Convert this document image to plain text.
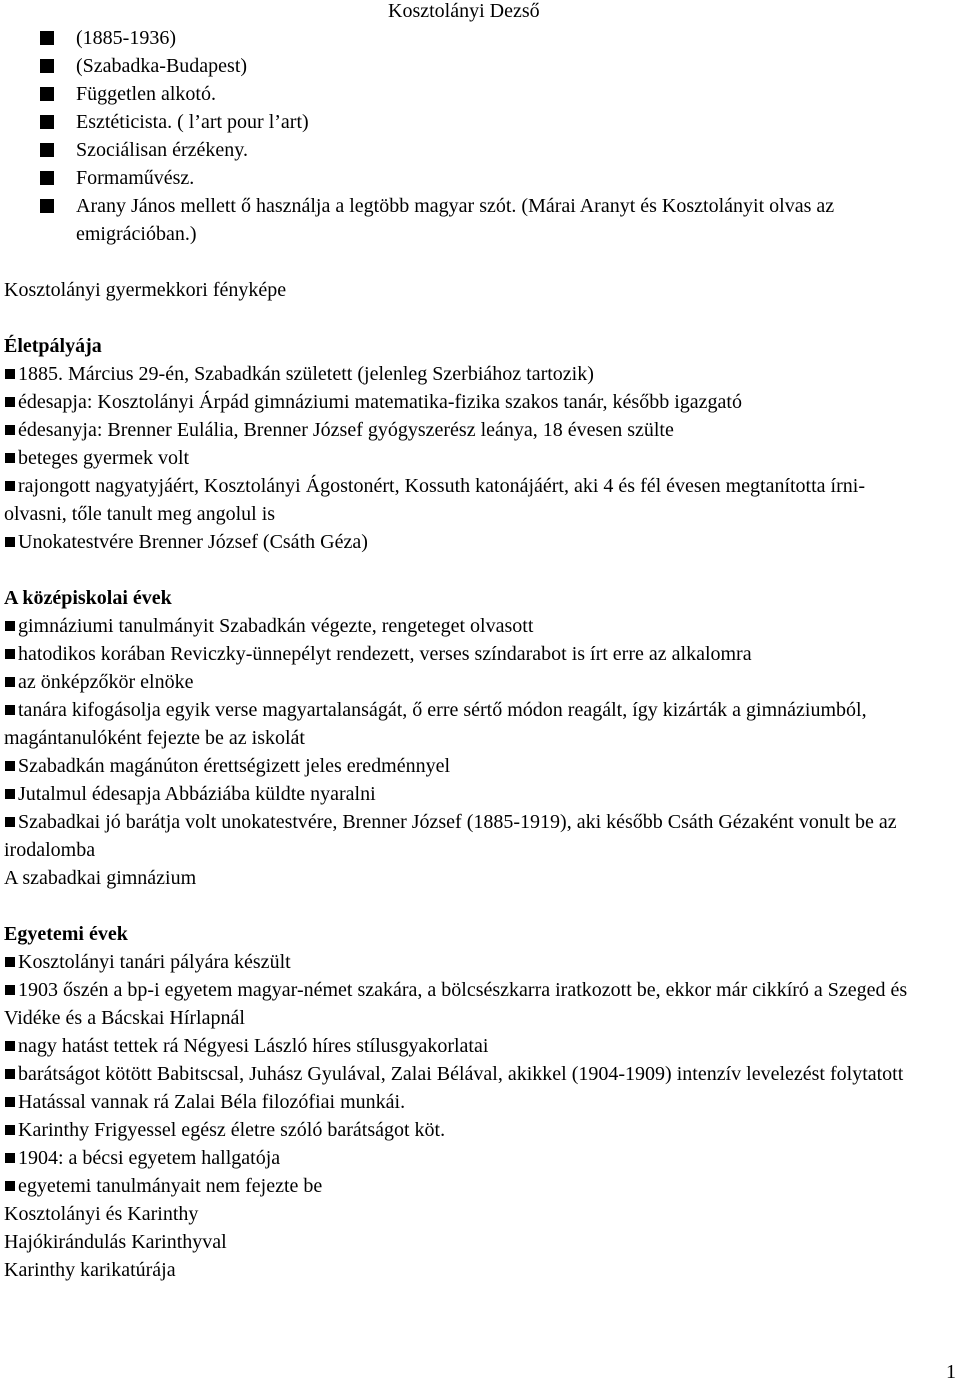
Kosztolányi Dezső
(1885-1936)
(Szabadka-Budapest)
Független alkotó.
Esztéticista. ( l’art pour l’art)
Szociálisan érzékeny.
Formaművész.
Arany János mellett ő használja a legtöbb magyar szót. (Márai Aranyt és Kosztolányit olvas az emigrációban.)

Kosztolányi gyermekkori fényképe

Életpályája

1885. Március 29-én, Szabadkán született (jelenleg Szerbiához tartozik)

édesapja: Kosztolányi Árpád gimnáziumi matematika-fizika szakos tanár, később igazgató

édesanyja: Brenner Eulália, Brenner József gyógyszerész leánya, 18 évesen szülte

beteges gyermek volt

rajongott nagyatyjáért, Kosztolányi Ágostonért, Kossuth katonájáért, aki 4 és fél évesen megtanította írni-olvasni, tőle tanult meg angolul is

Unokatestvére Brenner József (Csáth Géza)

A középiskolai évek

gimnáziumi tanulmányit Szabadkán végezte, rengeteget olvasott

hatodikos korában Reviczky-ünnepélyt rendezett, verses színdarabot is írt erre az alkalomra

az önképzőkör elnöke

tanára kifogásolja egyik verse magyartalanságát, ő erre sértő módon reagált, így kizárták a gimnáziumból, magántanulóként fejezte be az iskolát

Szabadkán magánúton érettségizett jeles eredménnyel

Jutalmul édesapja Abbáziába küldte nyaralni

Szabadkai jó barátja volt unokatestvére, Brenner József (1885-1919), aki később Csáth Gézaként vonult be az irodalomba

A szabadkai gimnázium

Egyetemi évek

Kosztolányi tanári pályára készült

1903 őszén a bp-i egyetem magyar-német szakára, a bölcsészkarra iratkozott be, ekkor már cikkíró a Szeged és Vidéke és a Bácskai Hírlapnál

nagy hatást tettek rá Négyesi László híres stílusgyakorlatai

barátságot kötött Babitscsal, Juhász Gyulával, Zalai Bélával, akikkel (1904-1909) intenzív levelezést folytatott

Hatással vannak rá Zalai Béla filozófiai munkái.

Karinthy Frigyessel egész életre szóló barátságot köt.

1904: a bécsi egyetem hallgatója

egyetemi tanulmányait nem fejezte be

Kosztolányi és Karinthy

Hajókirándulás Karinthyval

Karinthy karikatúrája

1
